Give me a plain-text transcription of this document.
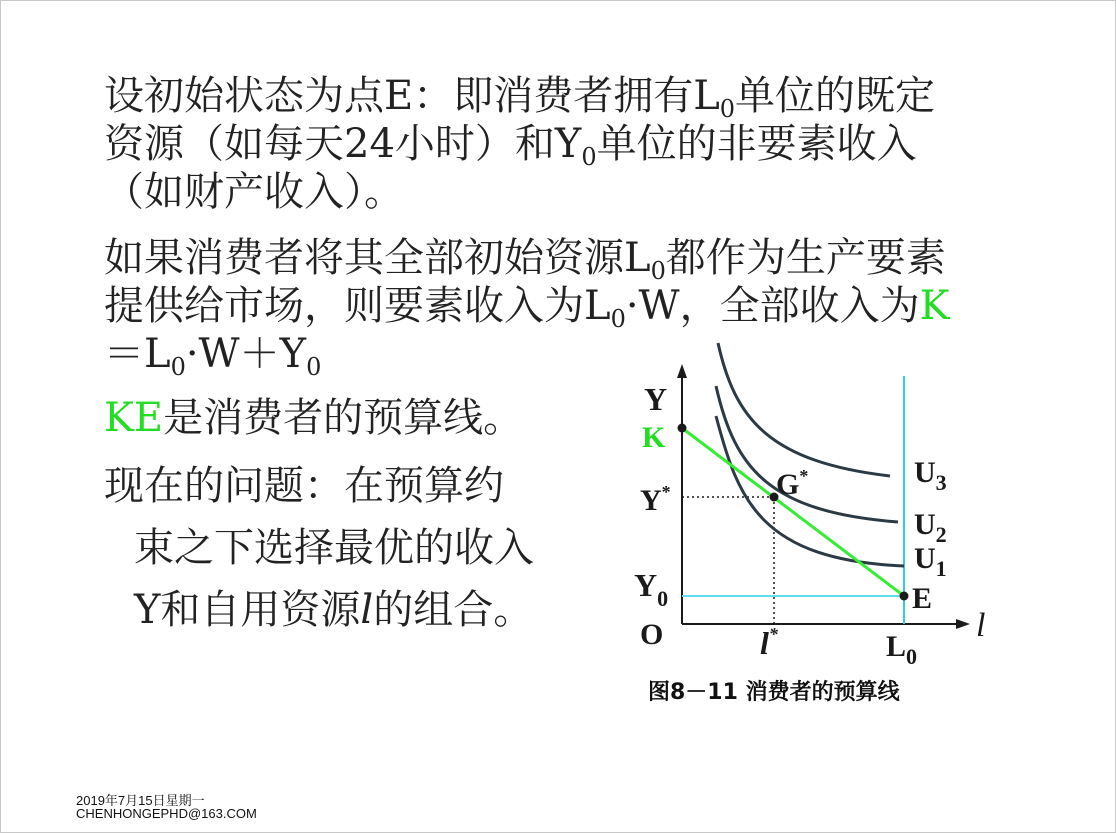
设初始状态为点E：即消费者拥有$L_0$单位的既定
资源（如每天24小时）和$Y_0$单位的非要素收入
（如财产收入）。
如果消费者将其全部初始资源$L_0$都作为生产要素
提供给市场，则要素收入为$L_0\cdot W$，全部收入为K
$=L_0\cdot W+Y_0$
KE是消费者的预算线。
现在的问题：在预算约
束之下选择最优的收入
Y和自用资源l的组合。
Y
K
Y*
$Y_0$
O
G*
E
l*	$L_0$
l
$U_3$
$U_2$
$U_1$
图8－11 消费者的预算线
2019年7月15日星期一
CHENHONGEPHD@163.COM
